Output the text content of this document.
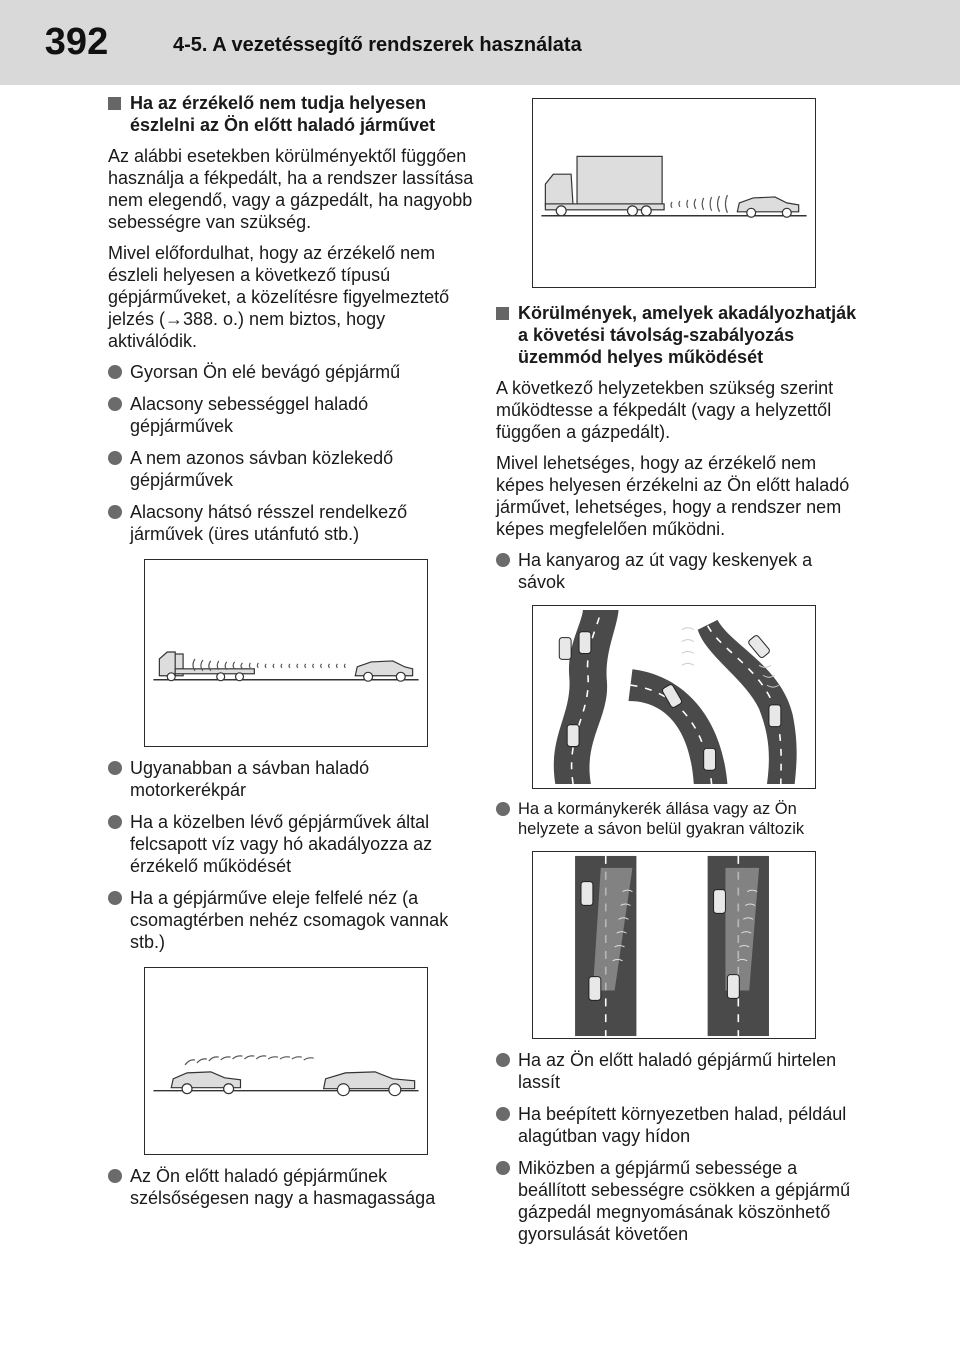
392	4-5. A vezetéssegítő rendszerek használata
Ha az érzékelő nem tudja helyesen észlelni az Ön előtt haladó járművet

Az alábbi esetekben körülményektől függően használja a fékpedált, ha a rendszer lassítása nem elegendő, vagy a gázpedált, ha nagyobb sebességre van szükség.

Mivel előfordulhat, hogy az érzékelő nem észleli helyesen a következő típusú gépjárműveket, a közelítésre figyelmeztető jelzés (→388. o.) nem biztos, hogy aktiválódik.

Gyorsan Ön elé bevágó gépjármű
Alacsony sebességgel haladó gépjárművek
A nem azonos sávban közlekedő gépjárművek
Alacsony hátsó résszel rendelkező járművek (üres utánfutó stb.)
Ugyanabban a sávban haladó motorkerékpár
Ha a közelben lévő gépjárművek által felcsapott víz vagy hó akadályozza az érzékelő működését
Ha a gépjárműve eleje felfelé néz (a csomagtérben nehéz csomagok vannak stb.)
Az Ön előtt haladó gépjárműnek szélsőségesen nagy a hasmagassága
Körülmények, amelyek akadályozhatják a követési távolság-szabályozás üzemmód helyes működését

A következő helyzetekben szükség szerint működtesse a fékpedált (vagy a helyzettől függően a gázpedált).

Mivel lehetséges, hogy az érzékelő nem képes helyesen érzékelni az Ön előtt haladó járművet, lehetséges, hogy a rendszer nem képes megfelelően működni.

Ha kanyarog az út vagy keskenyek a sávok
Ha a kormánykerék állása vagy az Ön helyzete a sávon belül gyakran változik
Ha az Ön előtt haladó gépjármű hirtelen lassít
Ha beépített környezetben halad, például alagútban vagy hídon
Miközben a gépjármű sebessége a beállított sebességre csökken a gépjármű gázpedál megnyomásának köszönhető gyorsulását követően
